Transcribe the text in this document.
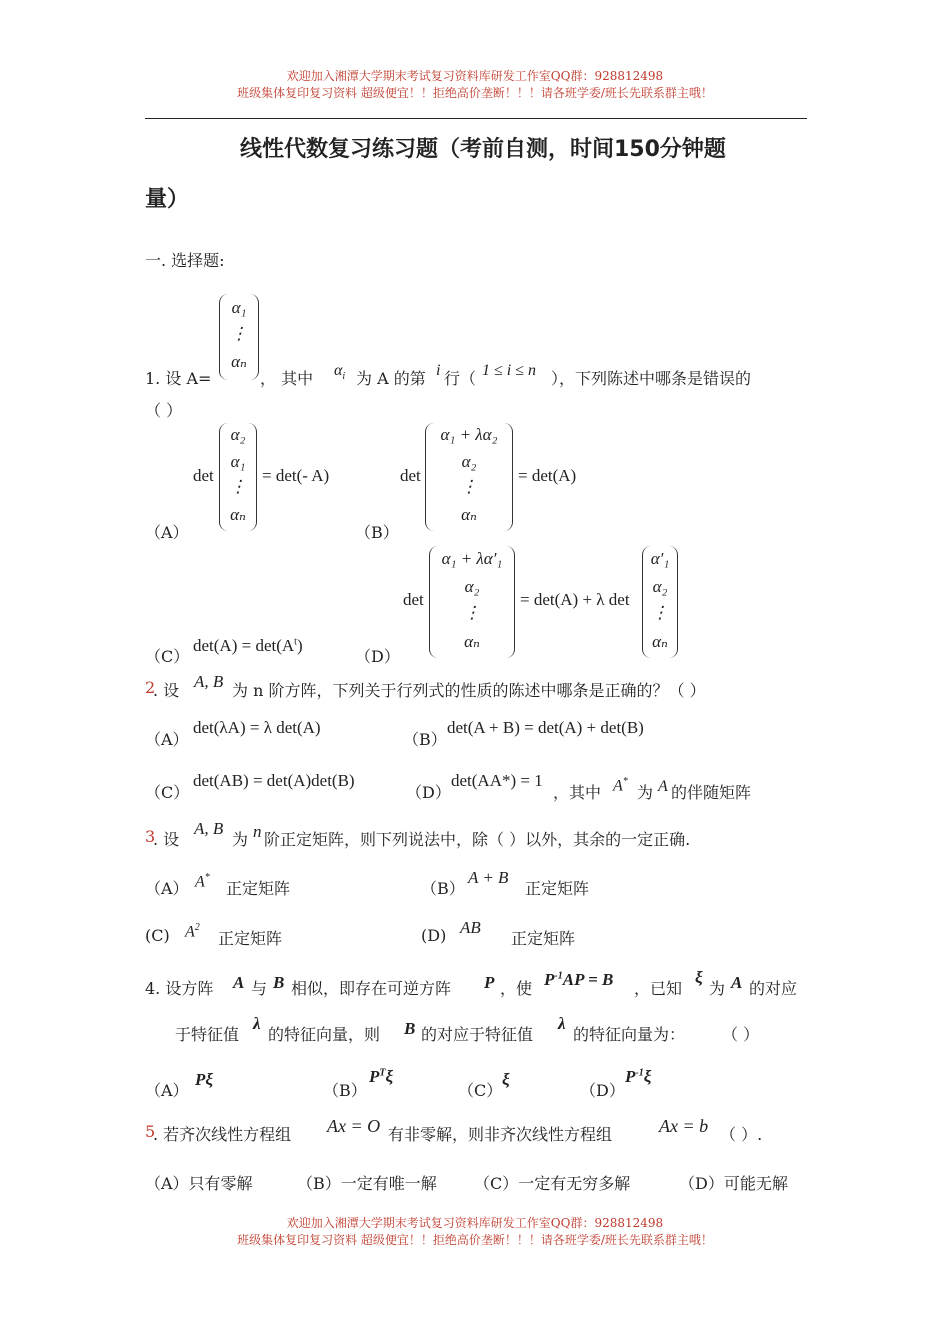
欢迎加入湘潭大学期末考试复习资料库研发工作室QQ群：928812498
班级集体复印复习资料 超级便宜！！拒绝高价垄断！！！请各班学委/班长先联系群主哦！
线性代数复习练习题（考前自测，时间150分钟题
量）
一. 选择题:
1. 设 A=
α₁
⋮
αₙ
， 其中 $\alpha_i$ 为 A 的第 i 行（ 1 ≤ i ≤ n ），下列陈述中哪条是错误的
（ ）
（A）
det
α₂
α₁
⋮
αₙ
= det(- A)
（B）
det
α₁ + λα₂
α₂
⋮
αₙ
= det(A)
（C）
$\det(A) = \det(A^t)$
（D）
det
α₁ + λα′₁
α₂
⋮
αₙ
= det(A) + λ det
α′₁
α₂
⋮
αₙ
2
. 设 A, B 为 n 阶方阵，下列关于行列式的性质的陈述中哪条是正确的？（ ）
（A）
det(λA) = λ det(A)
（B）
det(A + B) = det(A) + det(B)
（C）
det(AB) = det(A)det(B)
（D）
det(AA*) = 1
，其中 A*
为 A 的伴随矩阵
3
. 设
A, B
为 n 阶正定矩阵，则下列说法中，除（ ）以外，其余的一定正确.
（A） A*
正定矩阵	（B）
A + B
正定矩阵
(C) $A^2$
正定矩阵	(D) AB
正定矩阵
4. 设方阵 A 与 B 相似，即存在可逆方阵 P ，使 $P^{-1}AP = B$ ，已知
ξ
为 A 的对应
于特征值
λ
的特征向量，则 B 的对应于特征值
λ
的特征向量为： （ ）
（A）
Pξ
（B）
$P^T\xi$
（C）
ξ
（D）
$P^{-1}\xi$
5
. 若齐次线性方程组 Ax = O 有非零解，则非齐次线性方程组	Ax = b （ ）.
（A）只有零解	（B）一定有唯一解 （C）一定有无穷多解	（D）可能无解
欢迎加入湘潭大学期末考试复习资料库研发工作室QQ群：928812498
班级集体复印复习资料 超级便宜！！拒绝高价垄断！！！请各班学委/班长先联系群主哦！
